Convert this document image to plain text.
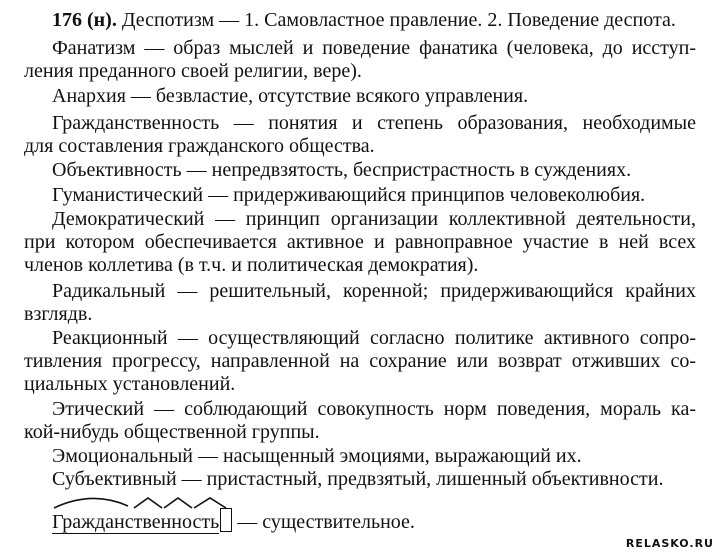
176 (н). Деспотизм — 1. Самовластное правление. 2. Поведение деспота.
Фанатизм — образ мыслей и поведение фанатика (человека, до исступ-
ления преданного своей религии, вере).
Анархия — безвластие, отсутствие всякого управления.
Гражданственность — понятия и степень образования, необходимые
для составления гражданского общества.
Объективность — непредвзятость, беспристрастность в суждениях.
Гуманистический — придерживающийся принципов человеколюбия.
Демократический — принцип организации коллективной деятельности,
при котором обеспечивается активное и равноправное участие в ней всех
членов коллетива (в т.ч. и политическая демократия).
Радикальный — решительный, коренной; придерживающийся крайних
взглядв.
Реакционный — осуществляющий согласно политике активного сопро-
тивления прогрессу, направленной на сохрание или возврат отживших со-
циальных установлений.
Этический — соблюдающий совокупность норм поведения, мораль ка-
кой-нибудь общественной группы.
Эмоциональный — насыщенный эмоциями, выражающий их.
Субъективный — пристастный, предвзятый, лишенный объективности.
Гражданственность — существительное.
RELASKO.RU
